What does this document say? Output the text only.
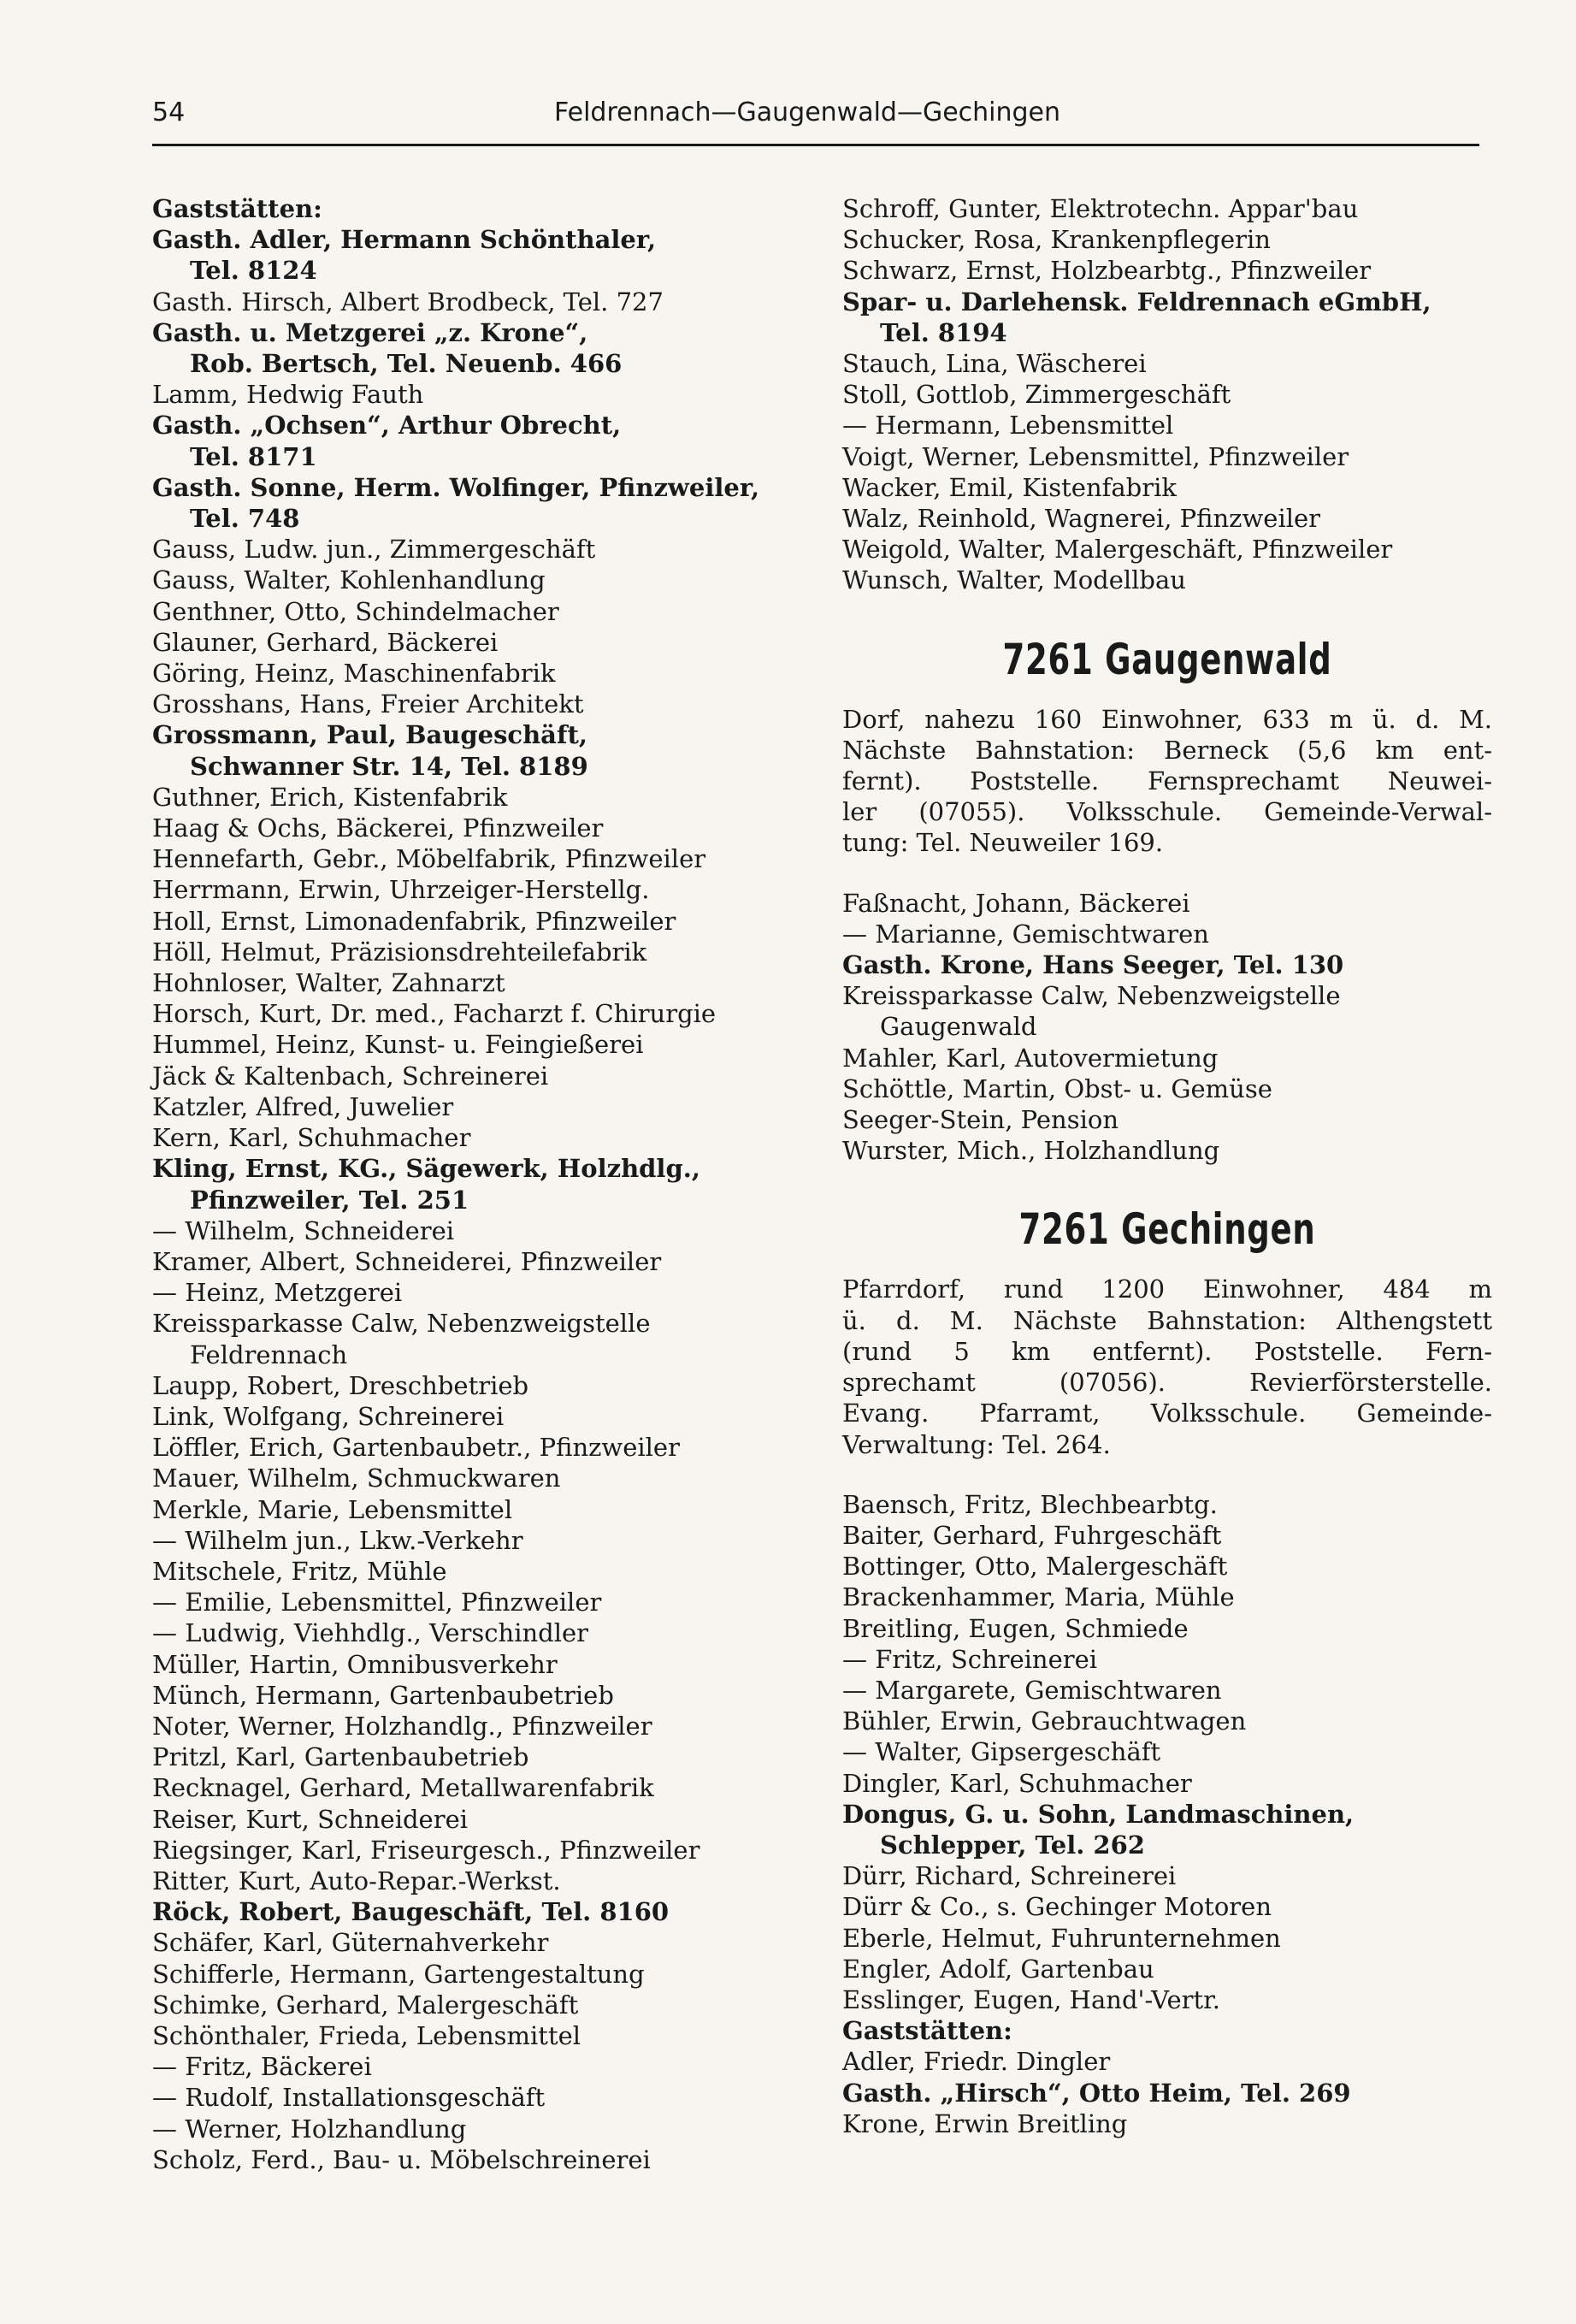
54	Feldrennach—Gaugenwald—Gechingen
Gaststätten:
Gasth. Adler, Hermann Schönthaler,
Tel. 8124
Gasth. Hirsch, Albert Brodbeck, Tel. 727
Gasth. u. Metzgerei „z. Krone“,
Rob. Bertsch, Tel. Neuenb. 466
Lamm, Hedwig Fauth
Gasth. „Ochsen“, Arthur Obrecht,
Tel. 8171
Gasth. Sonne, Herm. Wolfinger, Pfinzweiler,
Tel. 748
Gauss, Ludw. jun., Zimmergeschäft
Gauss, Walter, Kohlenhandlung
Genthner, Otto, Schindelmacher
Glauner, Gerhard, Bäckerei
Göring, Heinz, Maschinenfabrik
Grosshans, Hans, Freier Architekt
Grossmann, Paul, Baugeschäft,
Schwanner Str. 14, Tel. 8189
Guthner, Erich, Kistenfabrik
Haag & Ochs, Bäckerei, Pfinzweiler
Hennefarth, Gebr., Möbelfabrik, Pfinzweiler
Herrmann, Erwin, Uhrzeiger-Herstellg.
Holl, Ernst, Limonadenfabrik, Pfinzweiler
Höll, Helmut, Präzisionsdrehteilefabrik
Hohnloser, Walter, Zahnarzt
Horsch, Kurt, Dr. med., Facharzt f. Chirurgie
Hummel, Heinz, Kunst- u. Feingießerei
Jäck & Kaltenbach, Schreinerei
Katzler, Alfred, Juwelier
Kern, Karl, Schuhmacher
Kling, Ernst, KG., Sägewerk, Holzhdlg.,
Pfinzweiler, Tel. 251
— Wilhelm, Schneiderei
Kramer, Albert, Schneiderei, Pfinzweiler
— Heinz, Metzgerei
Kreissparkasse Calw, Nebenzweigstelle
Feldrennach
Laupp, Robert, Dreschbetrieb
Link, Wolfgang, Schreinerei
Löffler, Erich, Gartenbaubetr., Pfinzweiler
Mauer, Wilhelm, Schmuckwaren
Merkle, Marie, Lebensmittel
— Wilhelm jun., Lkw.-Verkehr
Mitschele, Fritz, Mühle
— Emilie, Lebensmittel, Pfinzweiler
— Ludwig, Viehhdlg., Verschindler
Müller, Hartin, Omnibusverkehr
Münch, Hermann, Gartenbaubetrieb
Noter, Werner, Holzhandlg., Pfinzweiler
Pritzl, Karl, Gartenbaubetrieb
Recknagel, Gerhard, Metallwarenfabrik
Reiser, Kurt, Schneiderei
Riegsinger, Karl, Friseurgesch., Pfinzweiler
Ritter, Kurt, Auto-Repar.-Werkst.
Röck, Robert, Baugeschäft, Tel. 8160
Schäfer, Karl, Güternahverkehr
Schifferle, Hermann, Gartengestaltung
Schimke, Gerhard, Malergeschäft
Schönthaler, Frieda, Lebensmittel
— Fritz, Bäckerei
— Rudolf, Installationsgeschäft
— Werner, Holzhandlung
Scholz, Ferd., Bau- u. Möbelschreinerei
Schroff, Gunter, Elektrotechn. Appar'bau
Schucker, Rosa, Krankenpflegerin
Schwarz, Ernst, Holzbearbtg., Pfinzweiler
Spar- u. Darlehensk. Feldrennach eGmbH,
Tel. 8194
Stauch, Lina, Wäscherei
Stoll, Gottlob, Zimmergeschäft
— Hermann, Lebensmittel
Voigt, Werner, Lebensmittel, Pfinzweiler
Wacker, Emil, Kistenfabrik
Walz, Reinhold, Wagnerei, Pfinzweiler
Weigold, Walter, Malergeschäft, Pfinzweiler
Wunsch, Walter, Modellbau
7261 Gaugenwald
Dorf, nahezu 160 Einwohner, 633 m ü. d. M.
Nächste Bahnstation: Berneck (5,6 km ent-
fernt). Poststelle. Fernsprechamt Neuwei-
ler (07055). Volksschule. Gemeinde-Verwal-
tung: Tel. Neuweiler 169.
Faßnacht, Johann, Bäckerei
— Marianne, Gemischtwaren
Gasth. Krone, Hans Seeger, Tel. 130
Kreissparkasse Calw, Nebenzweigstelle
Gaugenwald
Mahler, Karl, Autovermietung
Schöttle, Martin, Obst- u. Gemüse
Seeger-Stein, Pension
Wurster, Mich., Holzhandlung
7261 Gechingen
Pfarrdorf, rund 1200 Einwohner, 484 m
ü. d. M. Nächste Bahnstation: Althengstett
(rund 5 km entfernt). Poststelle. Fern-
sprechamt (07056). Revierförsterstelle.
Evang. Pfarramt, Volksschule. Gemeinde-
Verwaltung: Tel. 264.
Baensch, Fritz, Blechbearbtg.
Baiter, Gerhard, Fuhrgeschäft
Bottinger, Otto, Malergeschäft
Brackenhammer, Maria, Mühle
Breitling, Eugen, Schmiede
— Fritz, Schreinerei
— Margarete, Gemischtwaren
Bühler, Erwin, Gebrauchtwagen
— Walter, Gipsergeschäft
Dingler, Karl, Schuhmacher
Dongus, G. u. Sohn, Landmaschinen,
Schlepper, Tel. 262
Dürr, Richard, Schreinerei
Dürr & Co., s. Gechinger Motoren
Eberle, Helmut, Fuhrunternehmen
Engler, Adolf, Gartenbau
Esslinger, Eugen, Hand'-Vertr.
Gaststätten:
Adler, Friedr. Dingler
Gasth. „Hirsch“, Otto Heim, Tel. 269
Krone, Erwin Breitling
